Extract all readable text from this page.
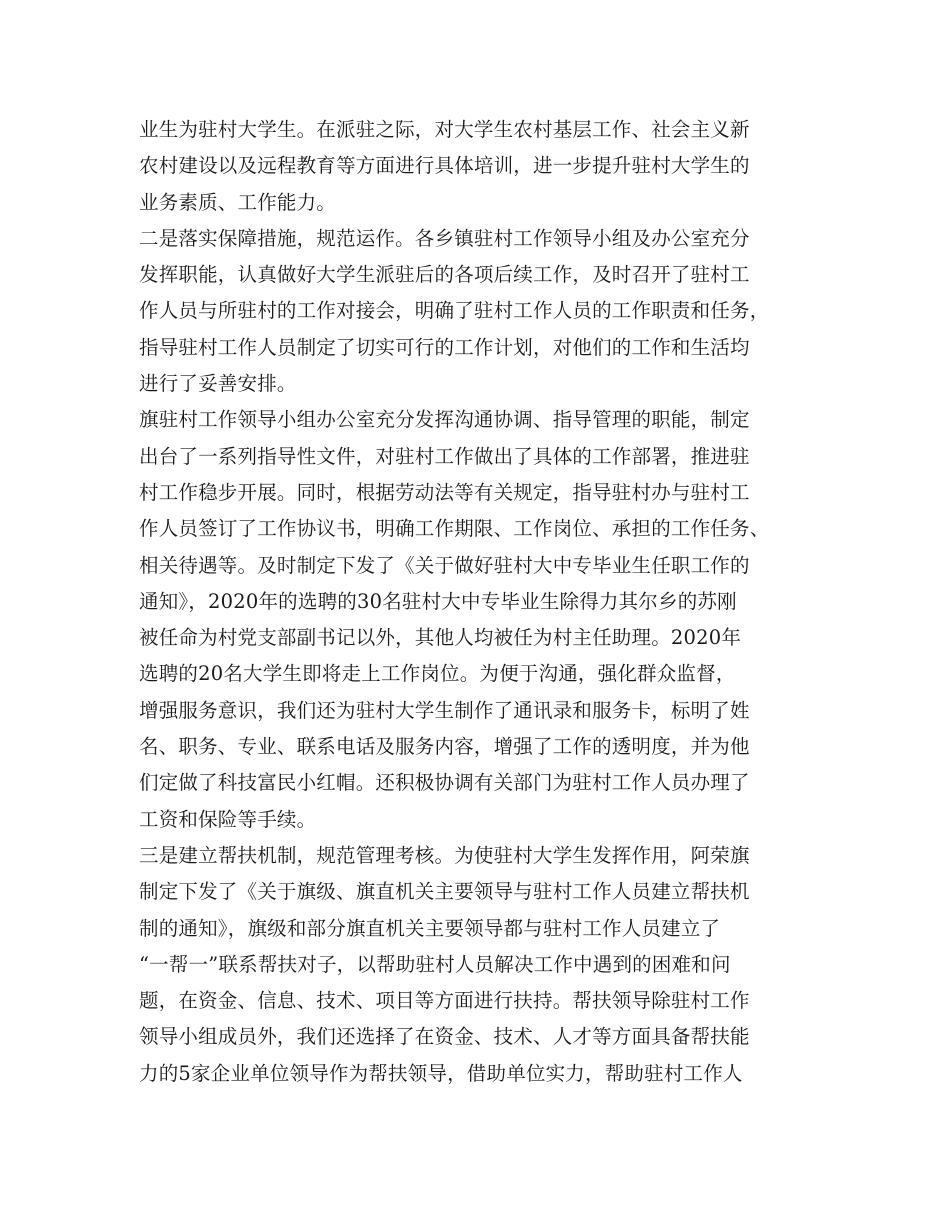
业生为驻村大学生。在派驻之际，对大学生农村基层工作、社会主义新
农村建设以及远程教育等方面进行具体培训，进一步提升驻村大学生的
业务素质、工作能力。
二是落实保障措施，规范运作。各乡镇驻村工作领导小组及办公室充分
发挥职能，认真做好大学生派驻后的各项后续工作，及时召开了驻村工
作人员与所驻村的工作对接会，明确了驻村工作人员的工作职责和任务，
指导驻村工作人员制定了切实可行的工作计划，对他们的工作和生活均
进行了妥善安排。
旗驻村工作领导小组办公室充分发挥沟通协调、指导管理的职能，制定
出台了一系列指导性文件，对驻村工作做出了具体的工作部署，推进驻
村工作稳步开展。同时，根据劳动法等有关规定，指导驻村办与驻村工
作人员签订了工作协议书，明确工作期限、工作岗位、承担的工作任务、
相关待遇等。及时制定下发了《关于做好驻村大中专毕业生任职工作的
通知》，2020年的选聘的30名驻村大中专毕业生除得力其尔乡的苏刚
被任命为村党支部副书记以外，其他人均被任为村主任助理。2020年
选聘的20名大学生即将走上工作岗位。为便于沟通，强化群众监督，
增强服务意识，我们还为驻村大学生制作了通讯录和服务卡，标明了姓
名、职务、专业、联系电话及服务内容，增强了工作的透明度，并为他
们定做了科技富民小红帽。还积极协调有关部门为驻村工作人员办理了
工资和保险等手续。
三是建立帮扶机制，规范管理考核。为使驻村大学生发挥作用，阿荣旗
制定下发了《关于旗级、旗直机关主要领导与驻村工作人员建立帮扶机
制的通知》，旗级和部分旗直机关主要领导都与驻村工作人员建立了
“一帮一”联系帮扶对子，以帮助驻村人员解决工作中遇到的困难和问
题，在资金、信息、技术、项目等方面进行扶持。帮扶领导除驻村工作
领导小组成员外，我们还选择了在资金、技术、人才等方面具备帮扶能
力的5家企业单位领导作为帮扶领导，借助单位实力，帮助驻村工作人
